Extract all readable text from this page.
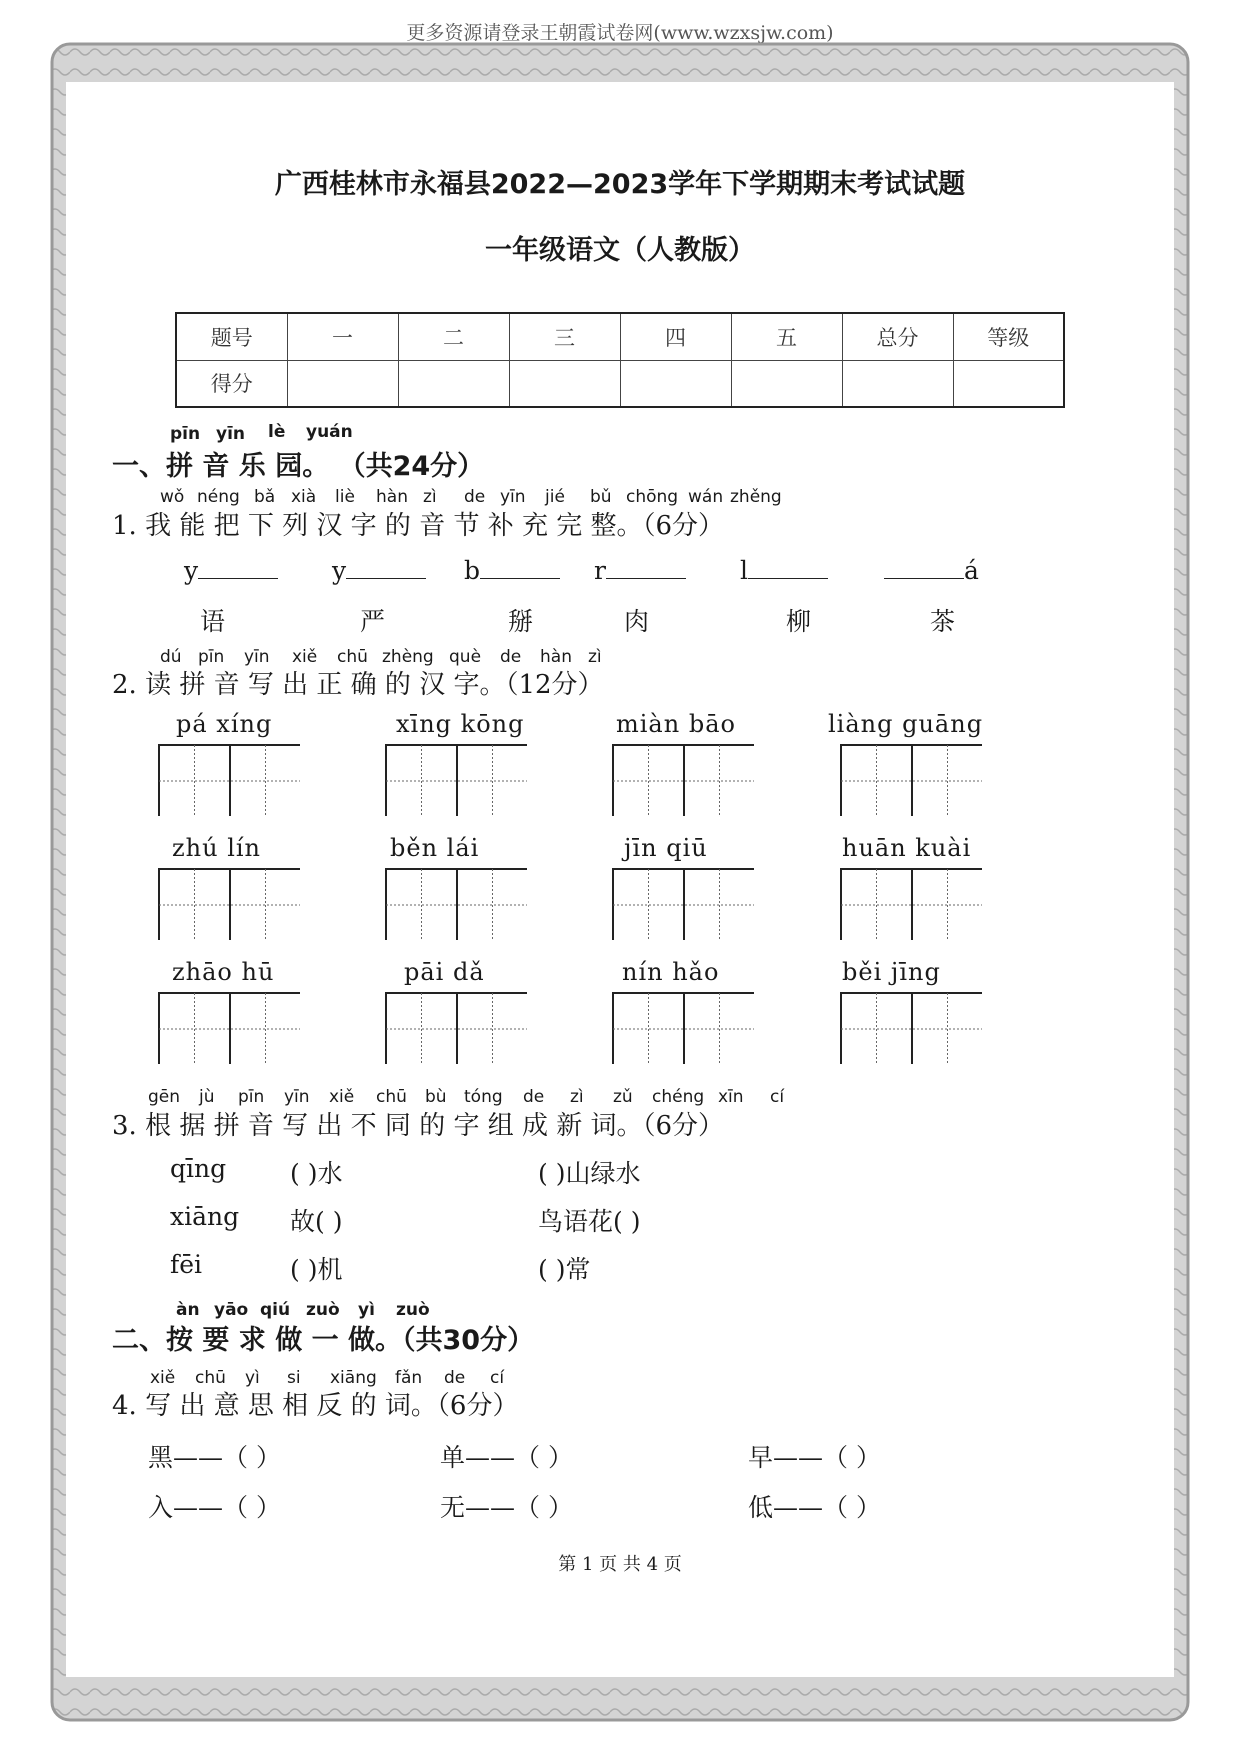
更多资源请登录王朝霞试卷网(www.wzxsjw.com)
广西桂林市永福县2022—2023学年下学期期末考试试题
一年级语文（人教版）
题号	一	二	三	四	五	总分	等级
得分							
pīn yīn lè yuán
一、拼 音 乐 园。 （共24分）
wǒ néng bǎ xià liè hàn zì de yīn jié bǔ chōng wán zhěng
1. 我 能 把 下 列 汉 字 的 音 节 补 充 完 整。（6分）
y	y	b	r	l	á
语	严	掰	肉	柳	茶
dú pīn yīn xiě chū zhèng què de hàn zì
2. 读 拼 音 写 出 正 确 的 汉 字。（12分）
pá xíng	xīng kōng	miàn bāo	liàng guāng
zhú lín	běn lái	jīn qiū	huān kuài
zhāo hū	pāi dǎ	nín hǎo	běi jīng
gēn jù pīn yīn xiě chū bù tóng de zì zǔ chéng xīn cí
3. 根 据 拼 音 写 出 不 同 的 字 组 成 新 词。（6分）
qīng	( )水	( )山绿水
xiāng 故( )	鸟语花( )
fēi	( )机	( )常
àn yāo qiú zuò yì zuò
二、按 要 求 做 一 做。（共30分）
xiě chū yì si xiāng fǎn de cí
4. 写 出 意 思 相 反 的 词。（6分）
黑——（ ）	单——（ ）	早——（ ）
入——（ ）	无——（ ）	低——（ ）
第 1 页 共 4 页
